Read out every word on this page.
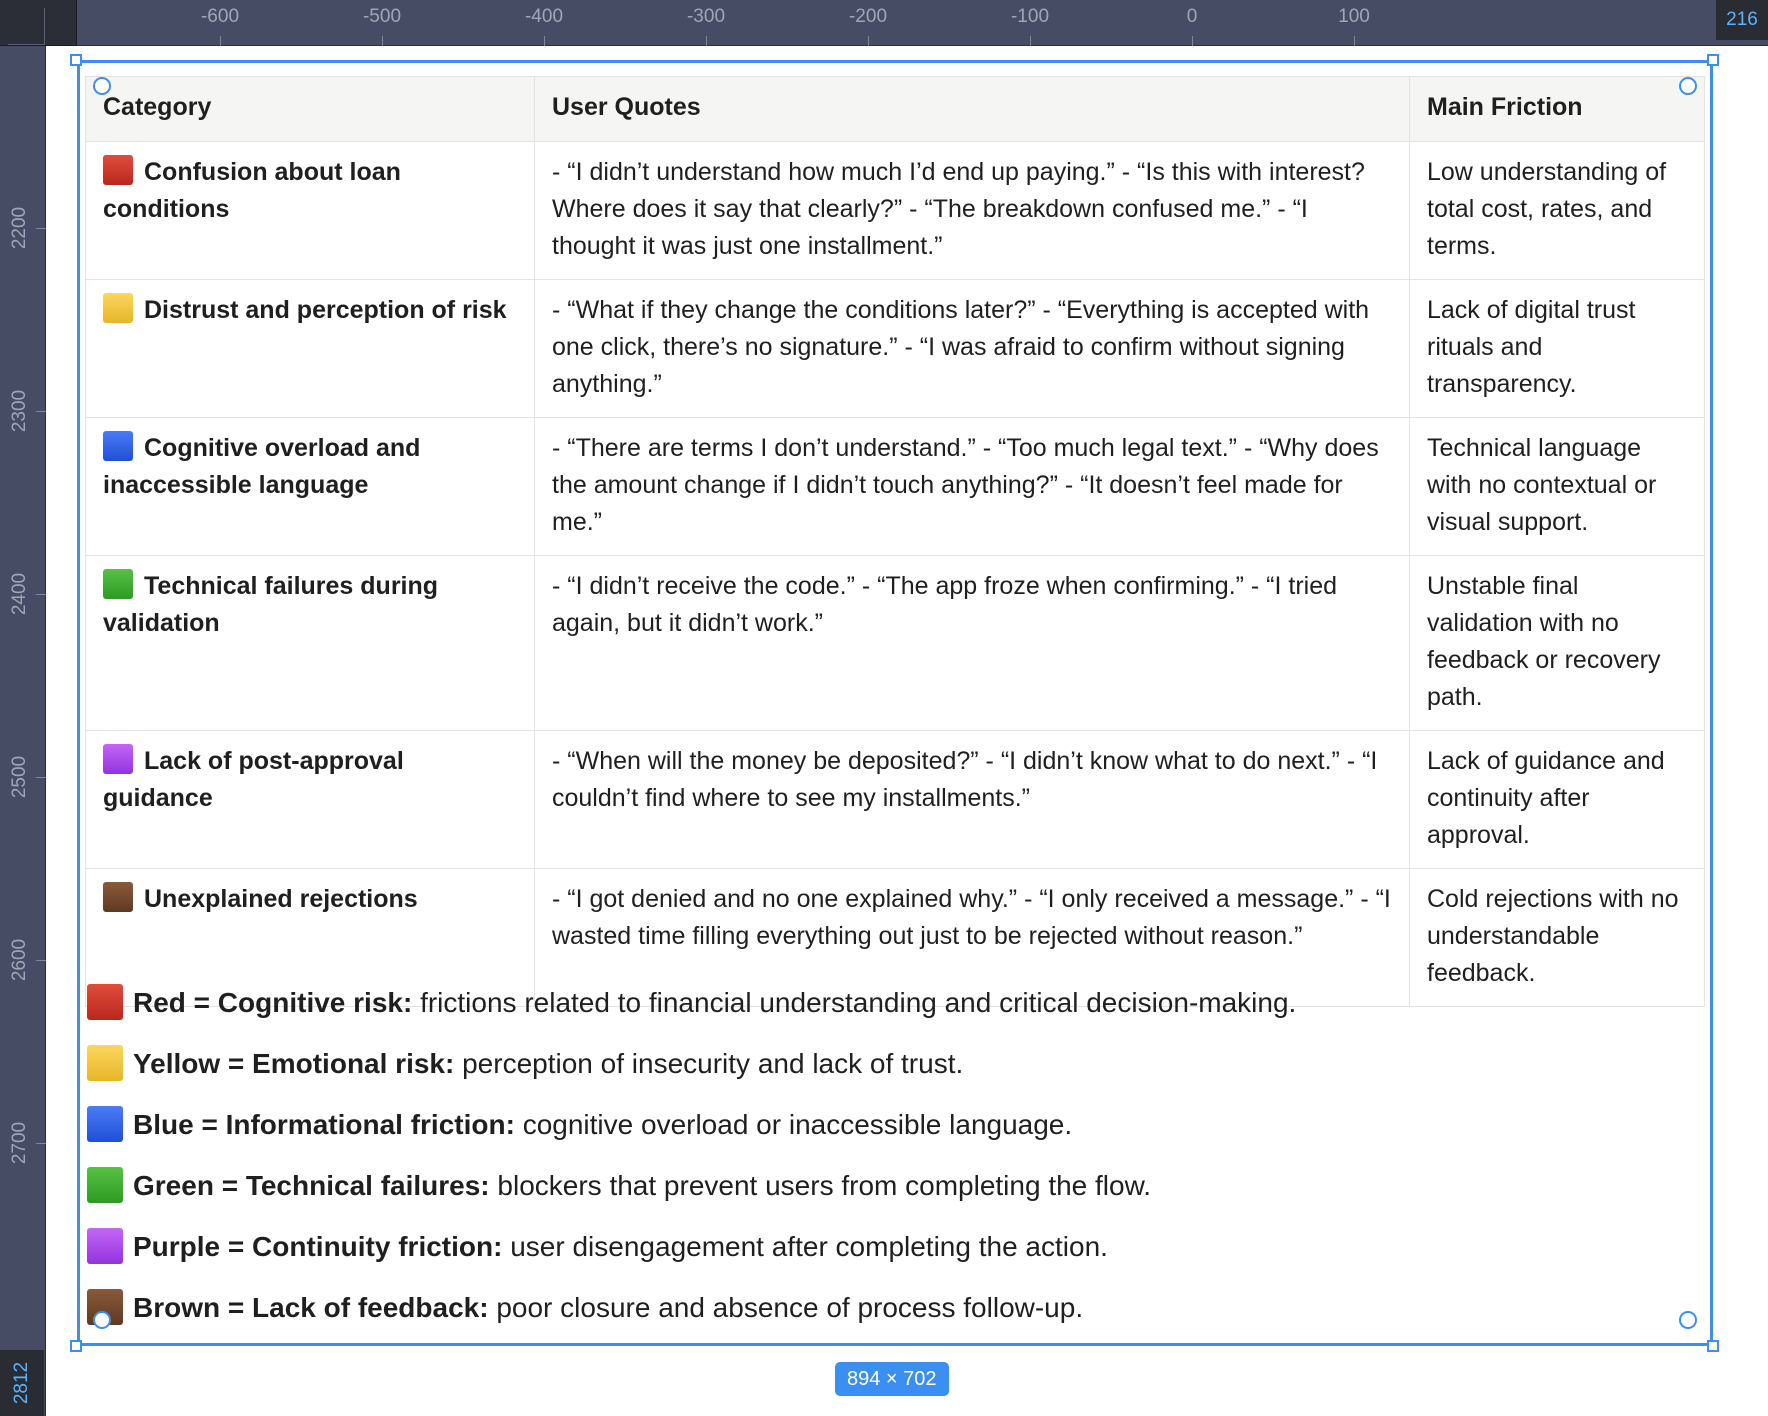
-600	-500	-400	-300	-200	-100	0	100	216
2200
2300
2400
2500
2600
2700
2812
Category	User Quotes	Main Friction
Confusion about loan conditions	- “I didn’t understand how much I’d end up paying.” - “Is this with interest? Where does it say that clearly?” - “The breakdown confused me.” - “I thought it was just one installment.”	Low understanding of total cost, rates, and terms.
Distrust and perception of risk	- “What if they change the conditions later?” - “Everything is accepted with one click, there’s no signature.” - “I was afraid to confirm without signing anything.”	Lack of digital trust rituals and transparency.
Cognitive overload and inaccessible language	- “There are terms I don’t understand.” - “Too much legal text.” - “Why does the amount change if I didn’t touch anything?” - “It doesn’t feel made for me.”	Technical language with no contextual or visual support.
Technical failures during validation	- “I didn’t receive the code.” - “The app froze when confirming.” - “I tried again, but it didn’t work.”	Unstable final validation with no feedback or recovery path.
Lack of post-approval guidance	- “When will the money be deposited?” - “I didn’t know what to do next.” - “I couldn’t find where to see my installments.”	Lack of guidance and continuity after approval.
Unexplained rejections	- “I got denied and no one explained why.” - “I only received a message.” - “I wasted time filling everything out just to be rejected without reason.”	Cold rejections with no understandable feedback.
Red = Cognitive risk: frictions related to financial understanding and critical decision-making.
Yellow = Emotional risk: perception of insecurity and lack of trust.
Blue = Informational friction: cognitive overload or inaccessible language.
Green = Technical failures: blockers that prevent users from completing the flow.
Purple = Continuity friction: user disengagement after completing the action.
Brown = Lack of feedback: poor closure and absence of process follow-up.
894 × 702
